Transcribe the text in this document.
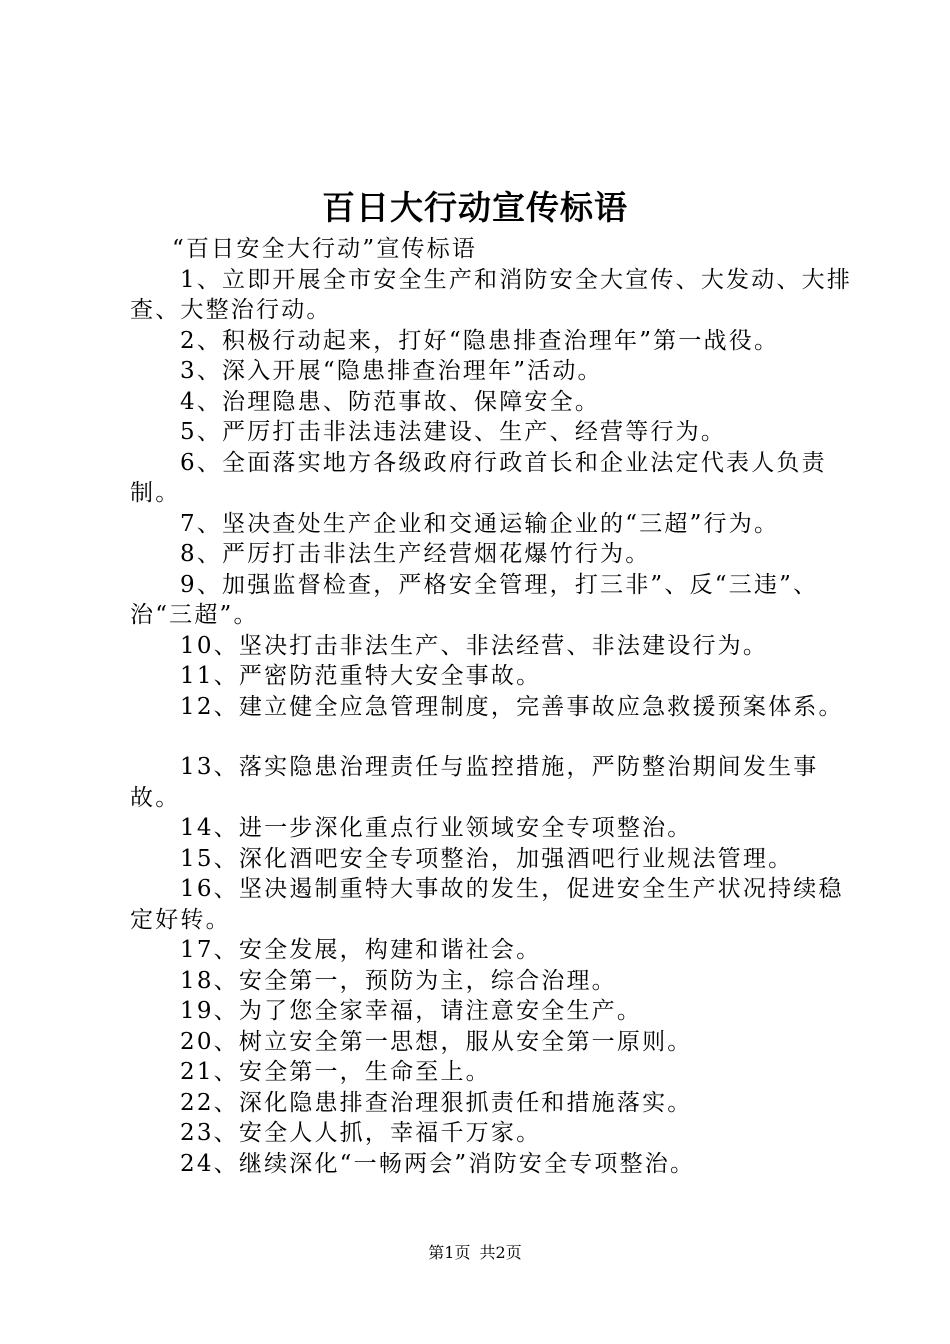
百日大行动宣传标语

“百日安全大行动”宣传标语

1、立即开展全市安全生产和消防安全大宣传、大发动、大排查、大整治行动。

2、积极行动起来，打好“隐患排查治理年”第一战役。

3、深入开展“隐患排查治理年”活动。

4、治理隐患、防范事故、保障安全。

5、严厉打击非法违法建设、生产、经营等行为。

6、全面落实地方各级政府行政首长和企业法定代表人负责制。

7、坚决查处生产企业和交通运输企业的“三超”行为。

8、严厉打击非法生产经营烟花爆竹行为。

9、加强监督检查，严格安全管理，打三非”、反“三违”、治“三超”。

10、坚决打击非法生产、非法经营、非法建设行为。

11、严密防范重特大安全事故。

12、建立健全应急管理制度，完善事故应急救援预案体系。

13、落实隐患治理责任与监控措施，严防整治期间发生事故。

14、进一步深化重点行业领域安全专项整治。

15、深化酒吧安全专项整治，加强酒吧行业规法管理。

16、坚决遏制重特大事故的发生，促进安全生产状况持续稳定好转。

17、安全发展，构建和谐社会。

18、安全第一，预防为主，综合治理。

19、为了您全家幸福，请注意安全生产。

20、树立安全第一思想，服从安全第一原则。

21、安全第一，生命至上。

22、深化隐患排查治理狠抓责任和措施落实。

23、安全人人抓，幸福千万家。

24、继续深化“一畅两会”消防安全专项整治。

第1页 共2页
